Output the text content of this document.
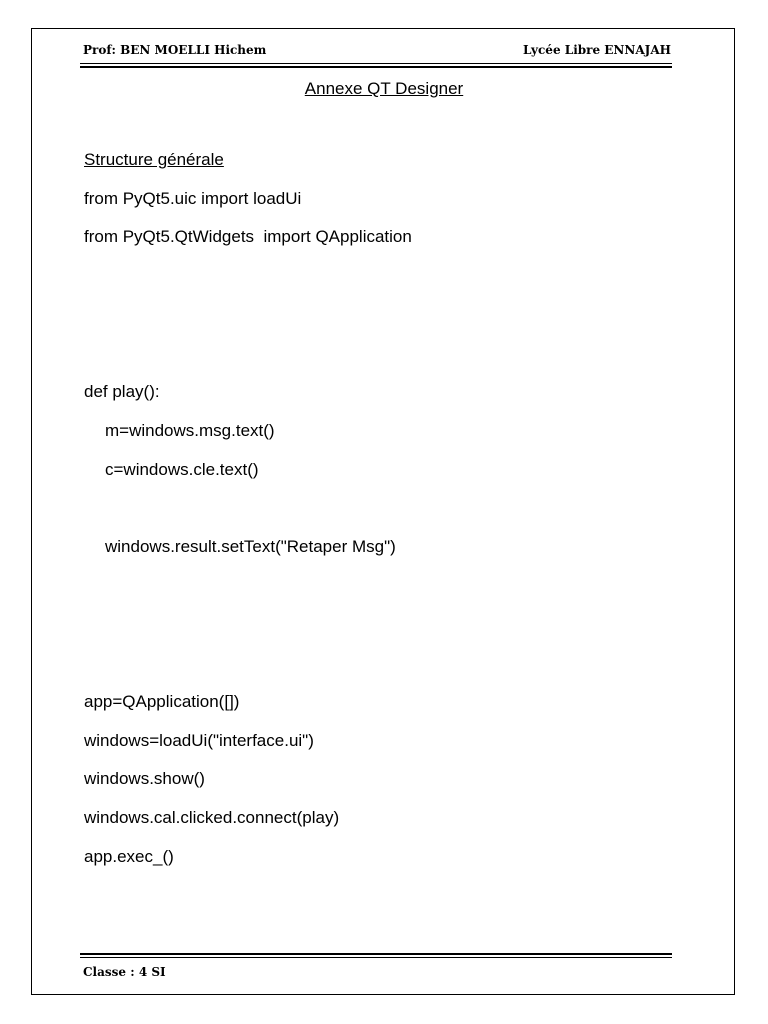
Prof: BEN MOELLI Hichem	Lycée Libre ENNAJAH
Annexe QT Designer
Structure générale
from PyQt5.uic import loadUi
from PyQt5.QtWidgets  import QApplication
def play():
m=windows.msg.text()
c=windows.cle.text()
windows.result.setText("Retaper Msg")
app=QApplication([])
windows=loadUi("interface.ui")
windows.show()
windows.cal.clicked.connect(play)
app.exec_()
Classe : 4 SI
